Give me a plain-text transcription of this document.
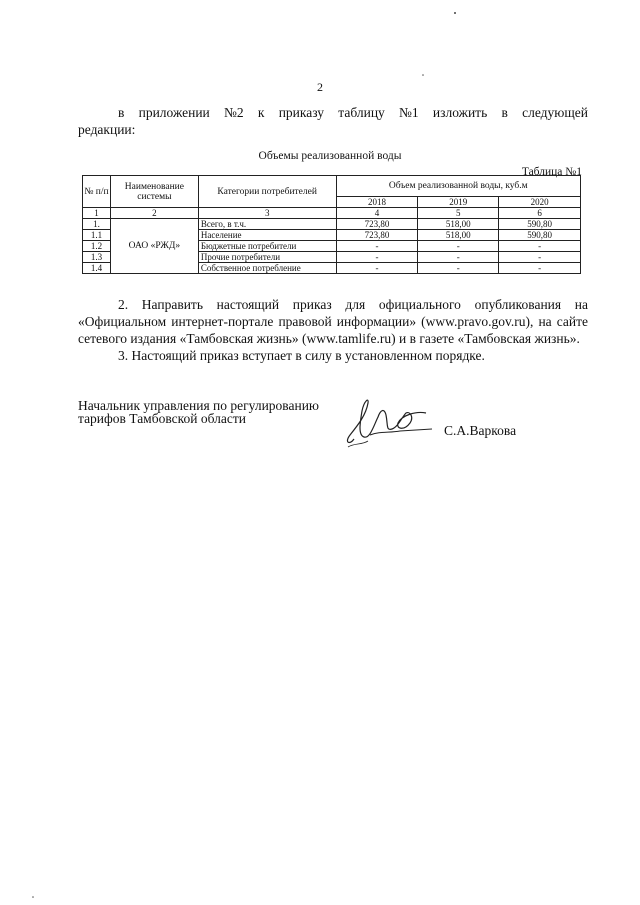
2
в приложении №2 к приказу таблицу №1 изложить в следующей
редакции:
Объемы реализованной воды
Таблица №1
№ п/п	Наименование системы	Категории потребителей	Объем реализованной воды, куб.м		
			2018	2019	2020
1	2	3	4	5	6
1.	ОАО «РЖД»	Всего, в т.ч.	723,80	518,00	590,80
1.1		Население	723,80	518,00	590,80
1.2		Бюджетные потребители	-	-	-
1.3		Прочие потребители	-	-	-
1.4		Собственное потребление	-	-	-

2. Направить настоящий приказ для официального опубликования на «Официальном интернет-портале правовой информации» (www.pravo.gov.ru), на сайте сетевого издания «Тамбовская жизнь» (www.tamlife.ru) и в газете «Тамбовская жизнь».

3. Настоящий приказ вступает в силу в установленном порядке.

Начальник управления по регулированию
тарифов Тамбовской области
С.А.Варкова
